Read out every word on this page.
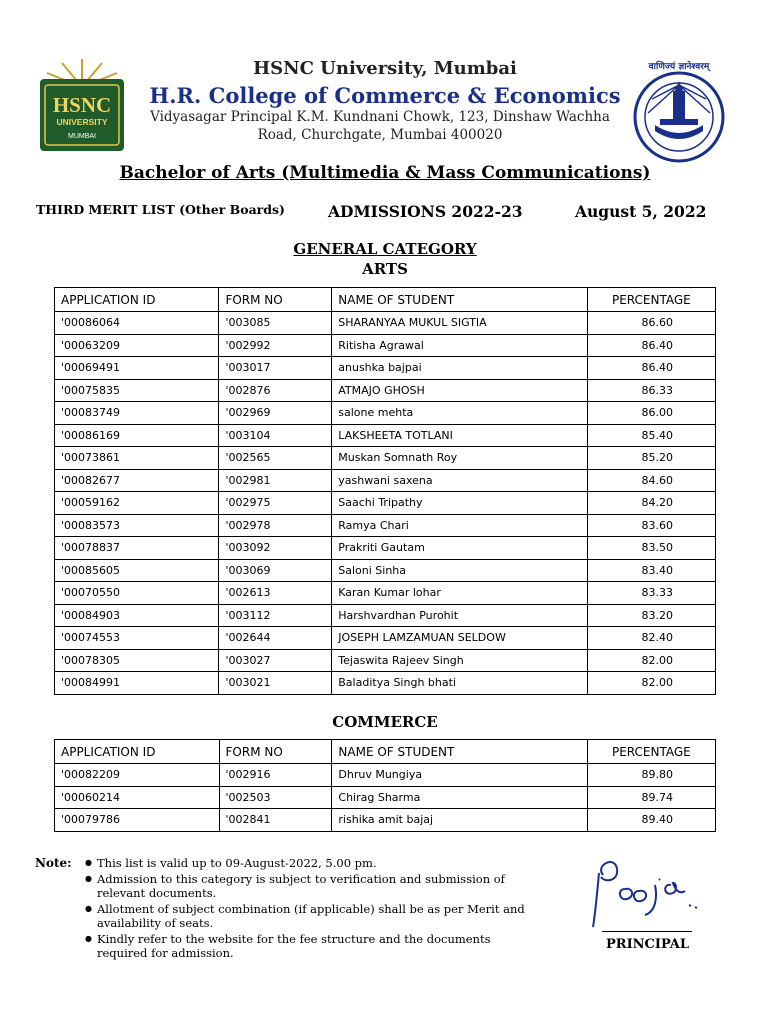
HSNC
UNIVERSITY
MUMBAI
वाणिज्यं ज्ञानेश्वरम्
HSNC University, Mumbai
H.R. College of Commerce & Economics
Vidyasagar Principal K.M. Kundnani Chowk, 123, Dinshaw Wachha Road, Churchgate, Mumbai 400020
Bachelor of Arts (Multimedia & Mass Communications)
THIRD MERIT LIST (Other Boards)	ADMISSIONS 2022-23	August 5, 2022
GENERAL CATEGORY
ARTS
APPLICATION ID	FORM NO	NAME OF STUDENT	PERCENTAGE
'00086064	'003085	SHARANYAA MUKUL SIGTIA	86.60
'00063209	'002992	Ritisha Agrawal	86.40
'00069491	'003017	anushka bajpai	86.40
'00075835	'002876	ATMAJO GHOSH	86.33
'00083749	'002969	salone mehta	86.00
'00086169	'003104	LAKSHEETA TOTLANI	85.40
'00073861	'002565	Muskan Somnath Roy	85.20
'00082677	'002981	yashwani saxena	84.60
'00059162	'002975	Saachi Tripathy	84.20
'00083573	'002978	Ramya Chari	83.60
'00078837	'003092	Prakriti Gautam	83.50
'00085605	'003069	Saloni Sinha	83.40
'00070550	'002613	Karan Kumar lohar	83.33
'00084903	'003112	Harshvardhan Purohit	83.20
'00074553	'002644	JOSEPH LAMZAMUAN SELDOW	82.40
'00078305	'003027	Tejaswita Rajeev Singh	82.00
'00084991	'003021	Baladitya Singh bhati	82.00
COMMERCE
APPLICATION ID	FORM NO	NAME OF STUDENT	PERCENTAGE
'00082209	'002916	Dhruv Mungiya	89.80
'00060214	'002503	Chirag Sharma	89.74
'00079786	'002841	rishika amit bajaj	89.40
Note:	● This list is valid up to 09-August-2022, 5.00 pm.
● Admission to this category is subject to verification and submission of relevant documents.
● Allotment of subject combination (if applicable) shall be as per Merit and availability of seats.
● Kindly refer to the website for the fee structure and the documents required for admission.
PRINCIPAL
